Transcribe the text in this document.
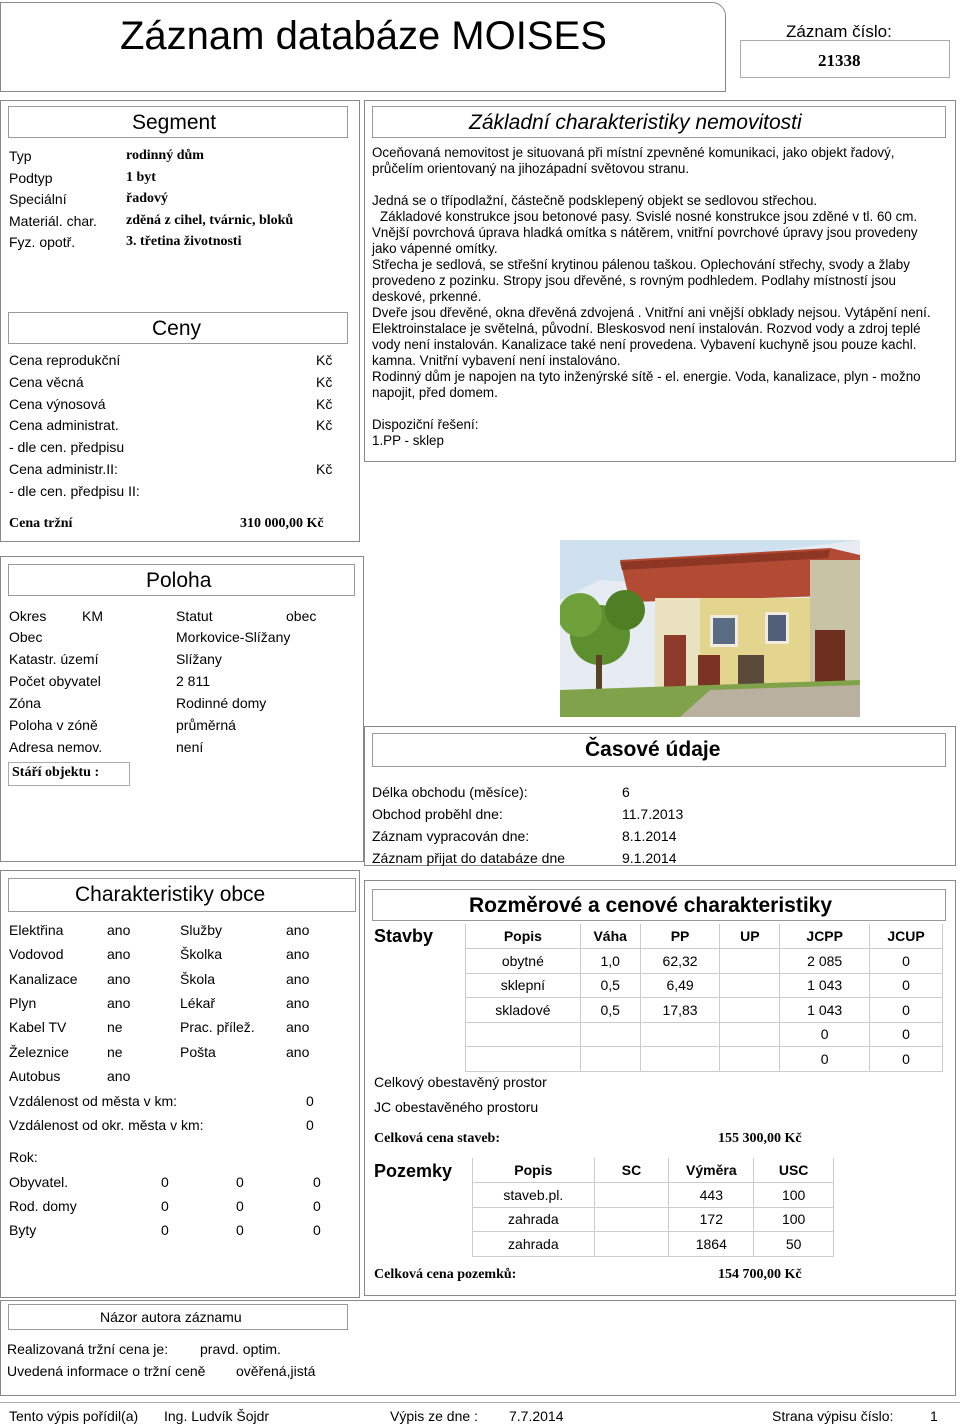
Záznam databáze MOISES	Záznam číslo:
21338
Segment
Typ	rodinný dům
Podtyp	1 byt
Speciální	řadový
Materiál. char. zděná z cihel, tvárnic, bloků
Fyz. opotř.	3. třetina životnosti
Ceny
Cena reprodukční	Kč
Cena věcná	Kč
Cena výnosová	Kč
Cena administrat.	Kč
- dle cen. předpisu
Cena administr.II:	Kč
- dle cen. předpisu II:
Cena tržní	310 000,00 Kč
Základní charakteristiky nemovitosti

Oceňovaná nemovitost je situovaná při místní zpevněné komunikaci, jako objekt řadový, průčelím orientovaný na jihozápadní světovou stranu.

Jedná se o třípodlažní, částečně podsklepený objekt se sedlovou střechou.

Základové konstrukce jsou betonové pasy. Svislé nosné konstrukce jsou zděné v tl. 60 cm. Vnější povrchová úprava hladká omítka s nátěrem, vnitřní povrchové úpravy jsou provedeny jako vápenné omítky.

Střecha je sedlová, se střešní krytinou pálenou taškou. Oplechování střechy, svody a žlaby provedeno z pozinku. Stropy jsou dřevěné, s rovným podhledem. Podlahy místností jsou deskové, prkenné.

Dveře jsou dřevěné, okna dřevěná zdvojená . Vnitřní ani vnější obklady nejsou. Vytápění není. Elektroinstalace je světelná, původní. Bleskosvod není instalován. Rozvod vody a zdroj teplé vody není instalován. Kanalizace také není provedena. Vybavení kuchyně jsou pouze kachl. kamna. Vnitřní vybavení není instalováno.

Rodinný dům je napojen na tyto inženýrské sítě - el. energie. Voda, kanalizace, plyn - možno napojit, před domem.

Dispoziční řešení:

1.PP - sklep

Poloha
Okres	KM	Statut	obec
Obec	Morkovice-Slížany
Katastr. území	Slížany
Počet obyvatel	2 811
Zóna	Rodinné domy
Poloha v zóně	průměrná
Adresa nemov.	není
Stáří objektu :
Časové údaje
Délka obchodu (měsíce):	6
Obchod proběhl dne:	11.7.2013
Záznam vypracován dne:	8.1.2014
Záznam přijat do databáze dne	9.1.2014
Charakteristiky obce
Elektřina	ano	Služby	ano
Vodovod	ano	Školka	ano
Kanalizace ano	Škola	ano
Plyn	ano	Lékař	ano
Kabel TV	ne	Prac. přílež. ano
Železnice	ne	Pošta	ano
Autobus	ano
Vzdálenost od města v km:	0
Vzdálenost od okr. města v km:	0
Rok:
Obyvatel.	0	0	0
Rod. domy	0	0	0
Byty	0	0	0
Rozměrové a cenové charakteristiky
Stavby	Popis	Váha	PP	UP	JCPP	JCUP
obytné	1,0	62,32		2 085	0
sklepní	0,5	6,49		1 043	0
skladové	0,5	17,83		1 043	0
				0	0
				0	0
Celkový obestavěný prostor
JC obestavěného prostoru
Celková cena staveb:	155 300,00 Kč
Pozemky	Popis	SC	Výměra	USC
staveb.pl.		443	100
zahrada		172	100
zahrada		1864	50
Celková cena pozemků:	154 700,00 Kč
Názor autora záznamu
Realizovaná tržní cena je: pravd. optim.
Uvedená informace o tržní ceně ověřená,jistá
Tento výpis pořídil(a) Ing. Ludvík Šojdr	Výpis ze dne : 7.7.2014	Strana výpisu číslo:	1
